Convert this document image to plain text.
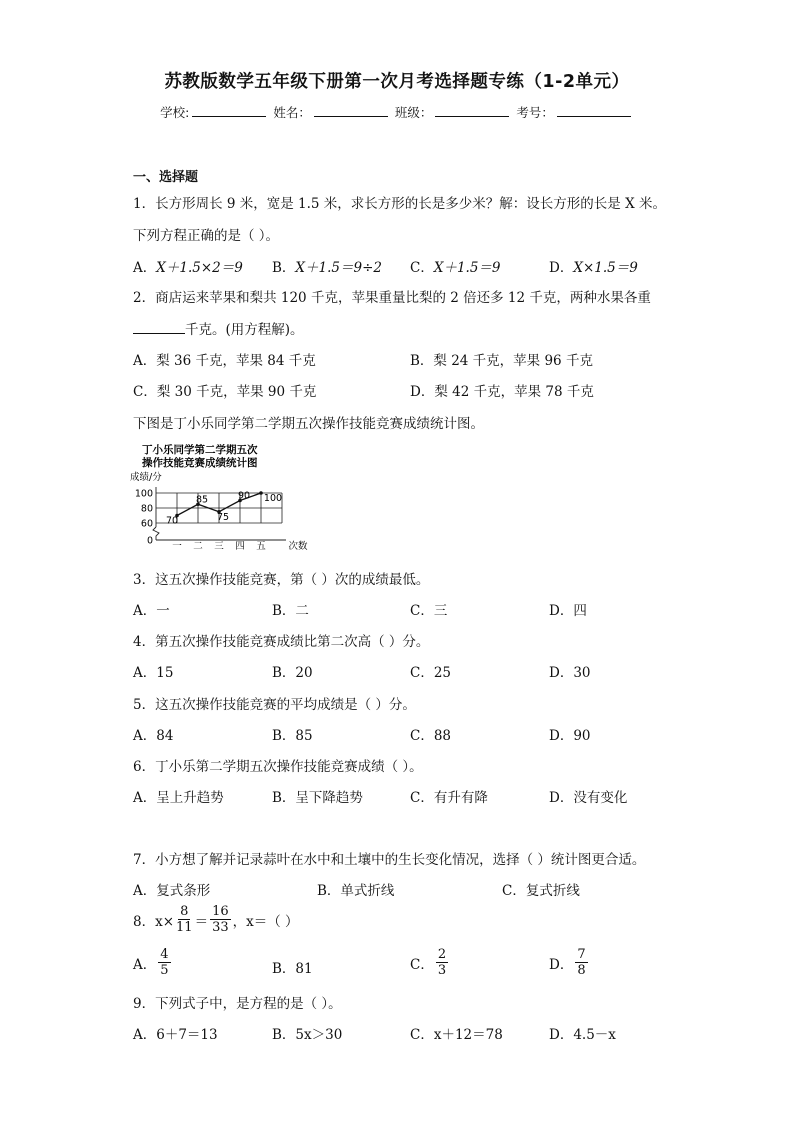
苏教版数学五年级下册第一次月考选择题专练（1-2单元）
学校:	姓名：	班级：	考号：
一、选择题
1．长方形周长 9 米，宽是 1.5 米，求长方形的长是多少米？解：设长方形的长是 X 米。
下列方程正确的是（ ）。
A．X＋1.5×2＝9 B．X＋1.5＝9÷2 C．X＋1.5＝9	D．X×1.5＝9
2．商店运来苹果和梨共 120 千克，苹果重量比梨的 2 倍还多 12 千克，两种水果各重
千克。(用方程解)。
A．梨 36 千克，苹果 84 千克	B．梨 24 千克，苹果 96 千克
C．梨 30 千克，苹果 90 千克	D．梨 42 千克，苹果 78 千克
下图是丁小乐同学第二学期五次操作技能竞赛成绩统计图。
丁小乐同学第二学期五次
操作技能竞赛成绩统计图
成绩/分
100
80
60
0 一 二 三 四 五 次数
70
85
75
90 100
3．这五次操作技能竞赛，第（ ）次的成绩最低。
A．一	B．二	C．三	D．四
4．第五次操作技能竞赛成绩比第二次高（ ）分。
A．15	B．20	C．25	D．30
5．这五次操作技能竞赛的平均成绩是（ ）分。
A．84	B．85	C．88	D．90
6．丁小乐第二学期五次操作技能竞赛成绩（ ）。
A．呈上升趋势	B．呈下降趋势	C．有升有降	D．没有变化
7．小方想了解并记录蒜叶在水中和土壤中的生长变化情况，选择（ ）统计图更合适。
A．复式条形	B．单式折线	C．复式折线
8．$x\times \frac{8}{11} = \frac{16}{33}$ ，x＝（ ）
A． $\frac{4}{5}$	B．81	C． $\frac{2}{3}$	D． $\frac{7}{8}$
9．下列式子中，是方程的是（ ）。
A．6＋7＝13	B．5x＞30	C．x＋12＝78	D．4.5－x
